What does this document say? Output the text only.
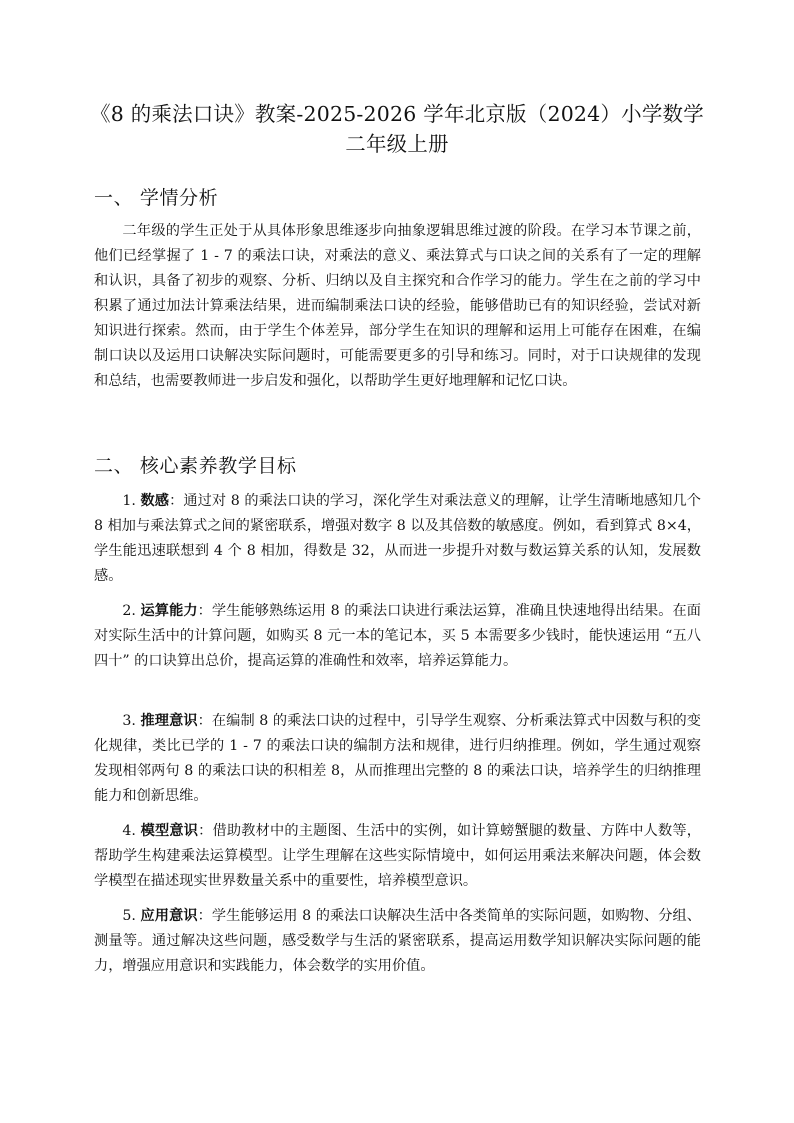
《8 的乘法口诀》教案-2025-2026 学年北京版（2024）小学数学
二年级上册
一、 学情分析

二年级的学生正处于从具体形象思维逐步向抽象逻辑思维过渡的阶段。在学习本节课之前，他们已经掌握了 1 - 7 的乘法口诀，对乘法的意义、乘法算式与口诀之间的关系有了一定的理解和认识，具备了初步的观察、分析、归纳以及自主探究和合作学习的能力。学生在之前的学习中积累了通过加法计算乘法结果，进而编制乘法口诀的经验，能够借助已有的知识经验，尝试对新知识进行探索。然而，由于学生个体差异，部分学生在知识的理解和运用上可能存在困难，在编制口诀以及运用口诀解决实际问题时，可能需要更多的引导和练习。同时，对于口诀规律的发现和总结，也需要教师进一步启发和强化，以帮助学生更好地理解和记忆口诀。

二、 核心素养教学目标

1. 数感：通过对 8 的乘法口诀的学习，深化学生对乘法意义的理解，让学生清晰地感知几个 8 相加与乘法算式之间的紧密联系，增强对数字 8 以及其倍数的敏感度。例如，看到算式 8×4，学生能迅速联想到 4 个 8 相加，得数是 32，从而进一步提升对数与数运算关系的认知，发展数感。

2. 运算能力：学生能够熟练运用 8 的乘法口诀进行乘法运算，准确且快速地得出结果。在面对实际生活中的计算问题，如购买 8 元一本的笔记本，买 5 本需要多少钱时，能快速运用 “五八四十” 的口诀算出总价，提高运算的准确性和效率，培养运算能力。

3. 推理意识：在编制 8 的乘法口诀的过程中，引导学生观察、分析乘法算式中因数与积的变化规律，类比已学的 1 - 7 的乘法口诀的编制方法和规律，进行归纳推理。例如，学生通过观察发现相邻两句 8 的乘法口诀的积相差 8，从而推理出完整的 8 的乘法口诀，培养学生的归纳推理能力和创新思维。

4. 模型意识：借助教材中的主题图、生活中的实例，如计算螃蟹腿的数量、方阵中人数等，帮助学生构建乘法运算模型。让学生理解在这些实际情境中，如何运用乘法来解决问题，体会数学模型在描述现实世界数量关系中的重要性，培养模型意识。

5. 应用意识：学生能够运用 8 的乘法口诀解决生活中各类简单的实际问题，如购物、分组、测量等。通过解决这些问题，感受数学与生活的紧密联系，提高运用数学知识解决实际问题的能力，增强应用意识和实践能力，体会数学的实用价值。
